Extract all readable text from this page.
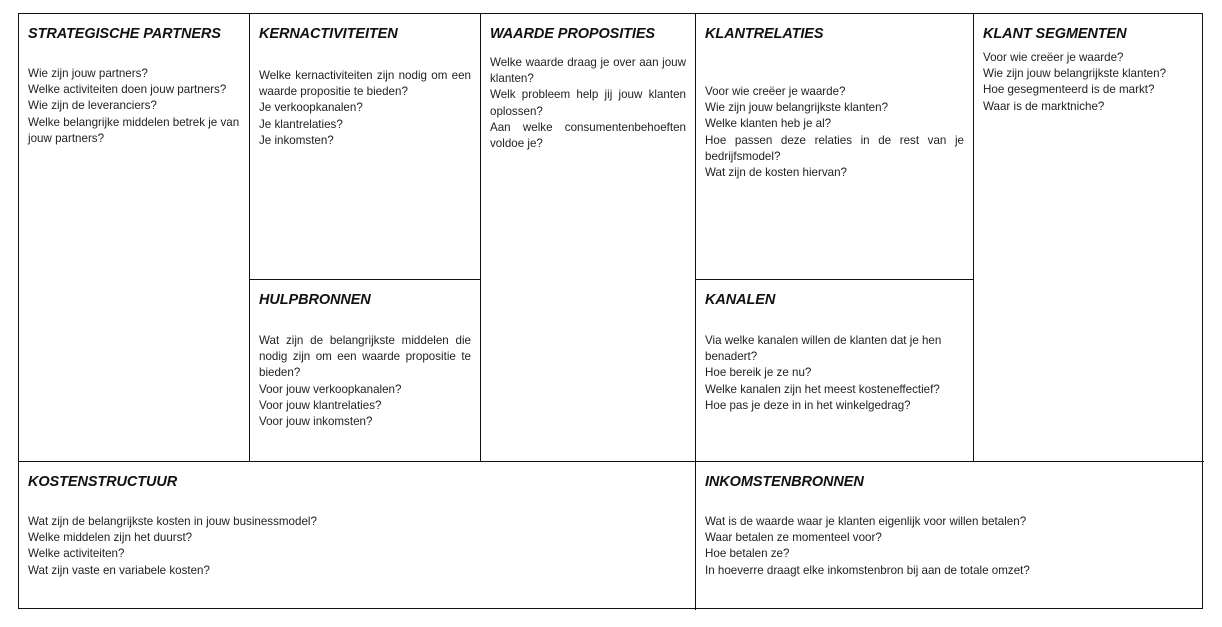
STRATEGISCHE PARTNERS
Wie zijn jouw partners?
Welke activiteiten doen jouw partners?
Wie zijn de leveranciers?
Welke belangrijke middelen betrek je van jouw partners?
KERNACTIVITEITEN
Welke kernactiviteiten zijn nodig om een waarde propositie te bieden?
Je verkoopkanalen?
Je klantrelaties?
Je inkomsten?
HULPBRONNEN
Wat zijn de belangrijkste middelen die nodig zijn om een waarde propositie te bieden?
Voor jouw verkoopkanalen?
Voor jouw klantrelaties?
Voor jouw inkomsten?
WAARDE PROPOSITIES
Welke waarde draag je over aan jouw klanten?
Welk probleem help jij jouw klanten oplossen?
Aan welke consumentenbehoeften voldoe je?
KLANTRELATIES
Voor wie creëer je waarde?
Wie zijn jouw belangrijkste klanten?
Welke klanten heb je al?
Hoe passen deze relaties in de rest van je bedrijfsmodel?
Wat zijn de kosten hiervan?
KANALEN
Via welke kanalen willen de klanten dat je hen benadert?
Hoe bereik je ze nu?
Welke kanalen zijn het meest kosteneffectief?
Hoe pas je deze in in het winkelgedrag?
KLANT SEGMENTEN
Voor wie creëer je waarde?
Wie zijn jouw belangrijkste klanten?
Hoe gesegmenteerd is de markt?
Waar is de marktniche?
KOSTENSTRUCTUUR
Wat zijn de belangrijkste kosten in jouw businessmodel?
Welke middelen zijn het duurst?
Welke activiteiten?
Wat zijn vaste en variabele kosten?
INKOMSTENBRONNEN
Wat is de waarde waar je klanten eigenlijk voor willen betalen?
Waar betalen ze momenteel voor?
Hoe betalen ze?
In hoeverre draagt elke inkomstenbron bij aan de totale omzet?
